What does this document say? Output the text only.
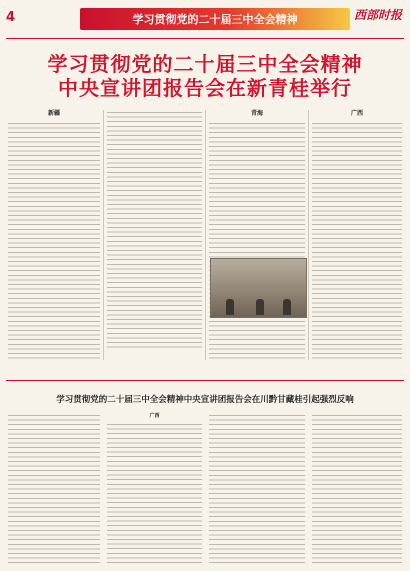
4	学习贯彻党的二十届三中全会精神	西部时报
学习贯彻党的二十届三中全会精神
中央宣讲团报告会在新青桂举行
新疆	青海	广西
学习贯彻党的二十届三中全会精神中央宣讲团报告会在川黔甘藏桂引起强烈反响
广西
